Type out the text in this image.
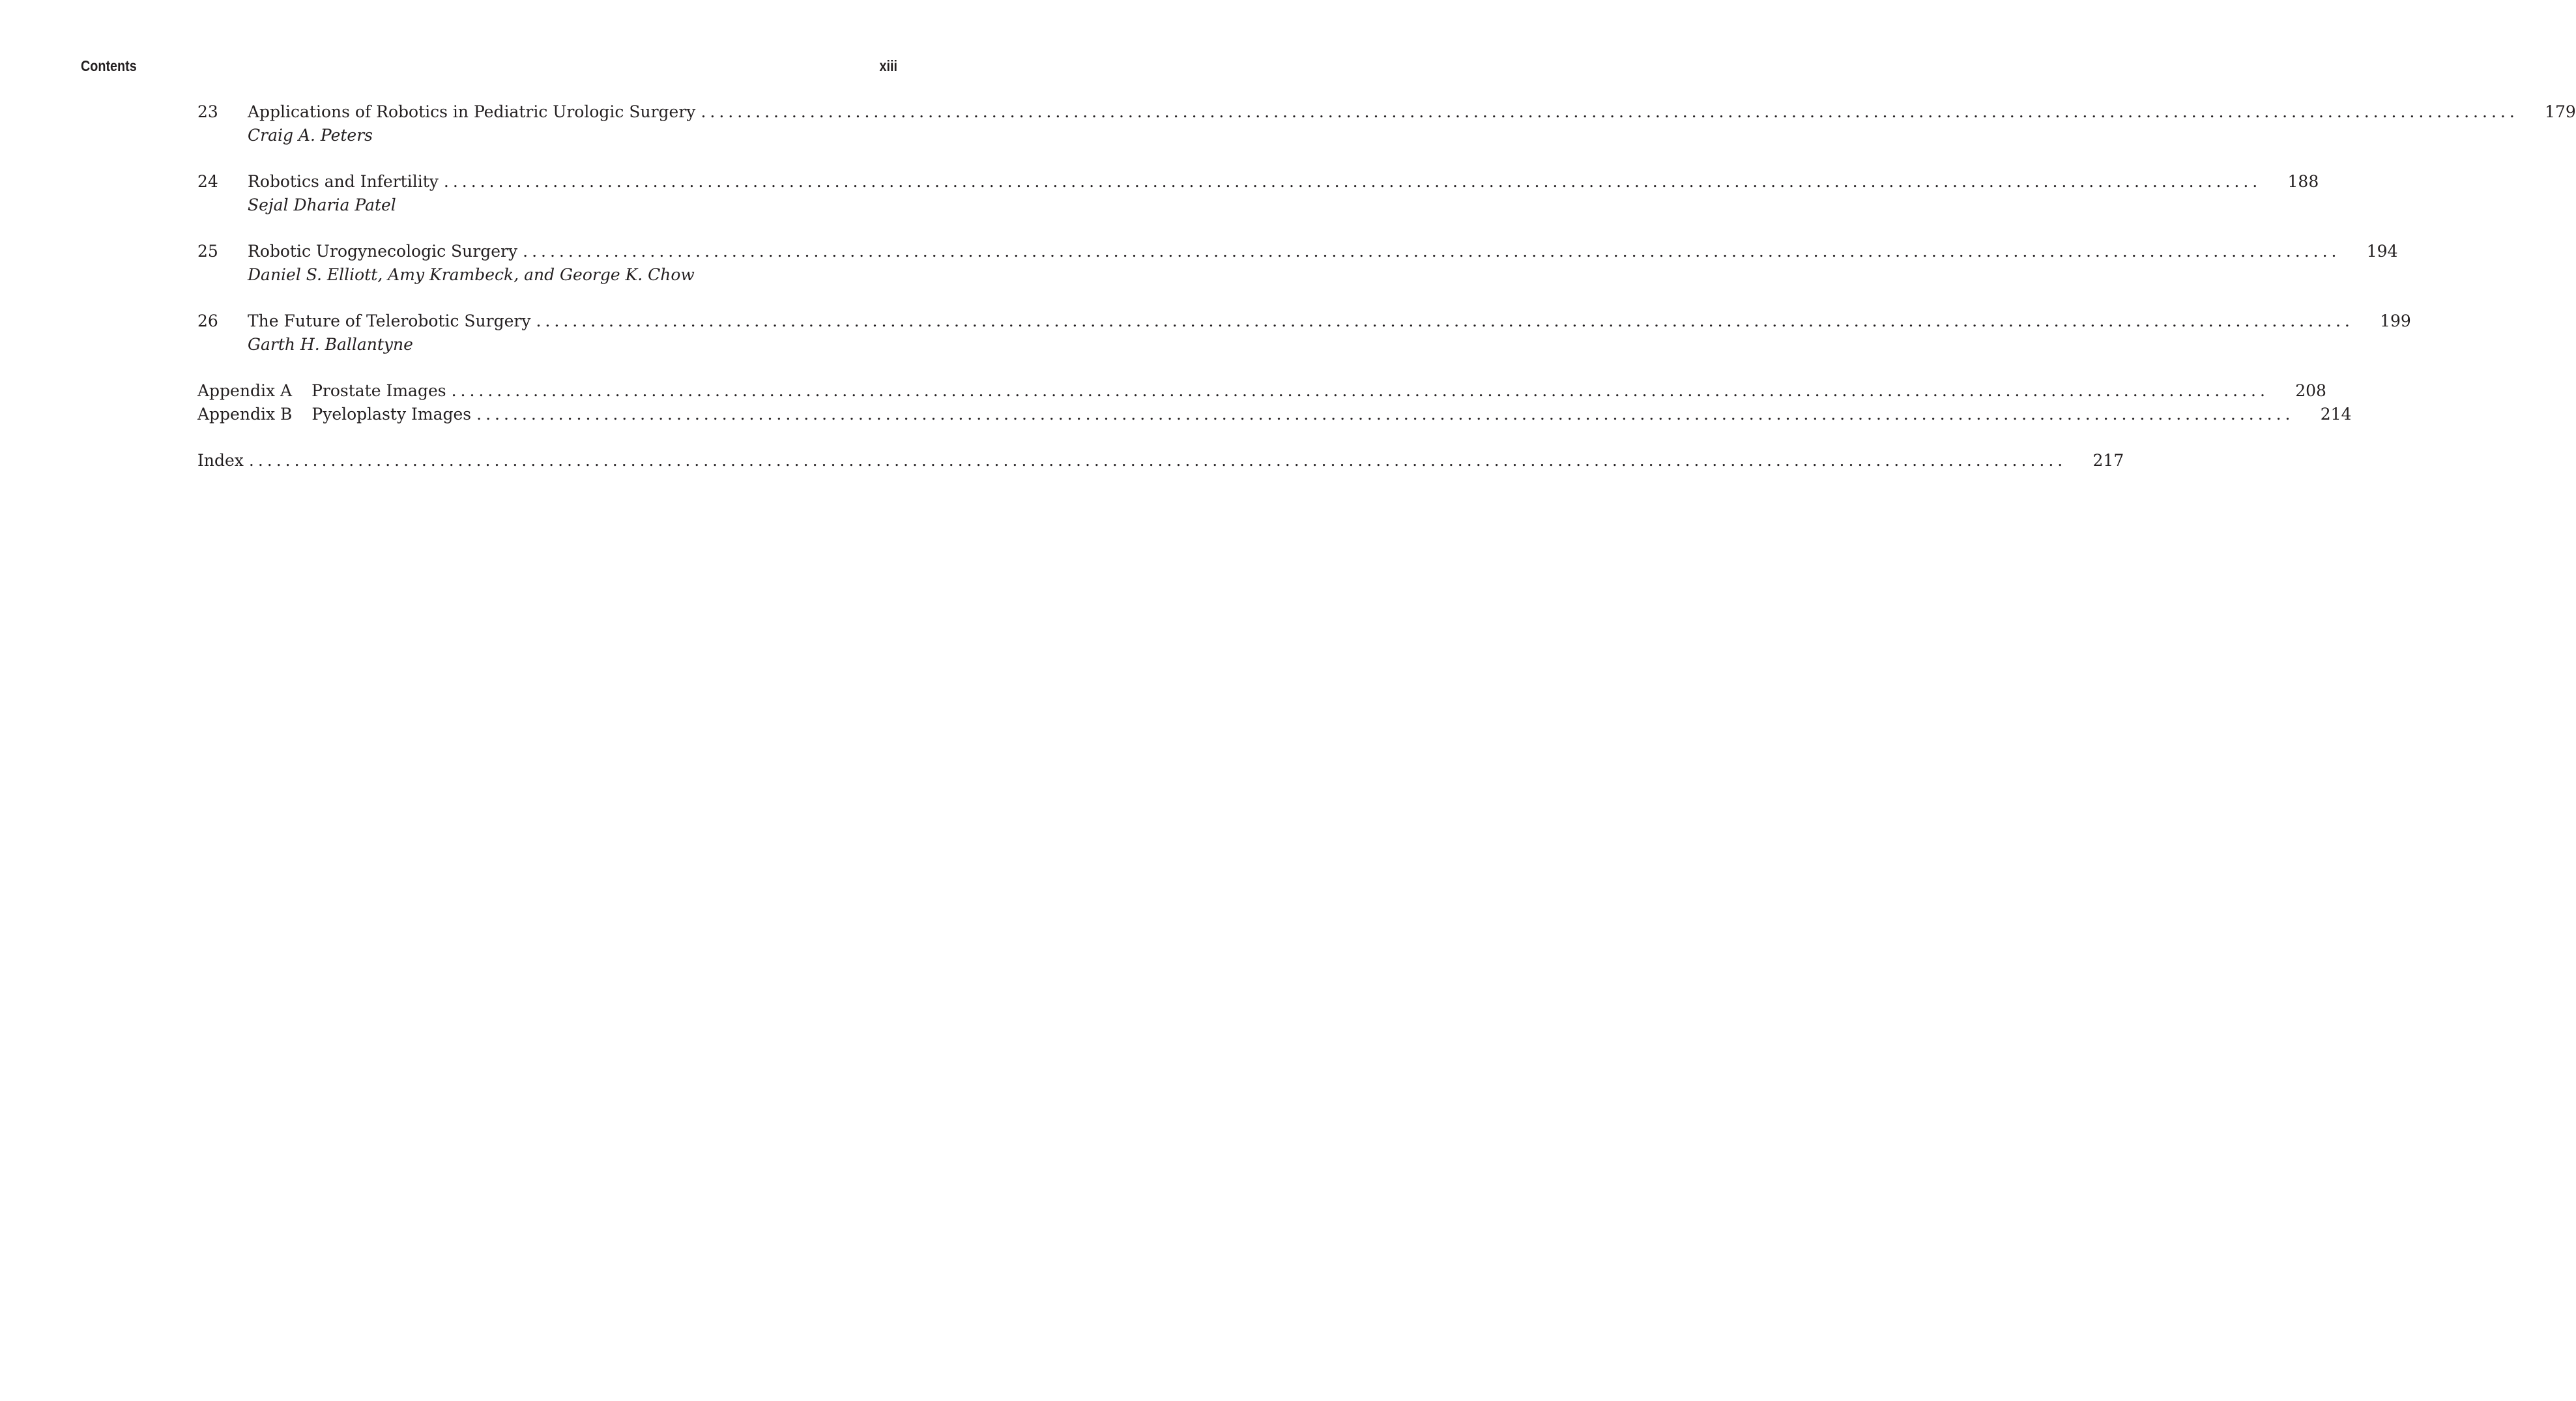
Contents	xiii
23	Applications of Robotics in Pediatric Urologic Surgery ........................................................................................................................................................................................................	179
Craig A. Peters
24	Robotics and Infertility ........................................................................................................................................................................................................	188
Sejal Dharia Patel
25	Robotic Urogynecologic Surgery ........................................................................................................................................................................................................	194
Daniel S. Elliott, Amy Krambeck, and George K. Chow
26	The Future of Telerobotic Surgery ........................................................................................................................................................................................................	199
Garth H. Ballantyne
Appendix A	Prostate Images ........................................................................................................................................................................................................	208
Appendix B	Pyeloplasty Images ........................................................................................................................................................................................................	214
Index ........................................................................................................................................................................................................	217
